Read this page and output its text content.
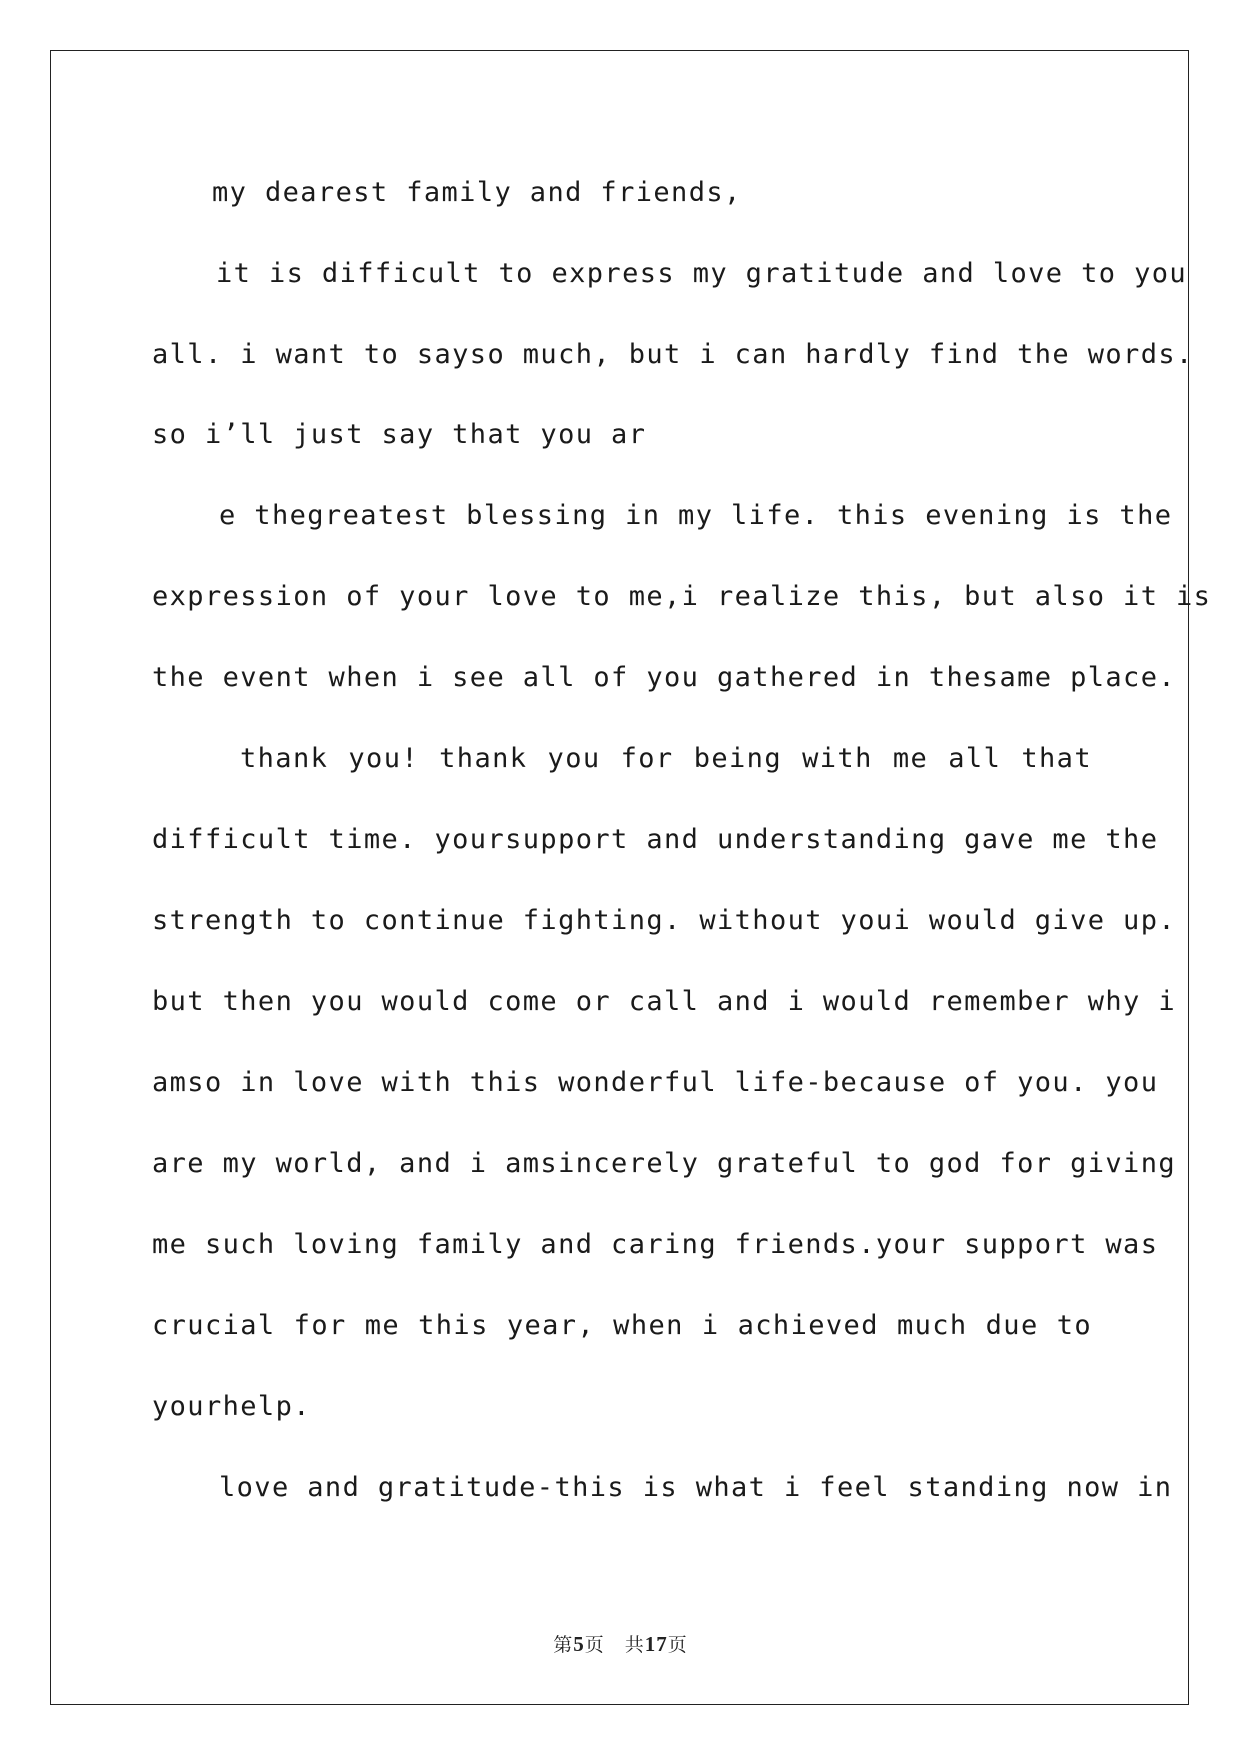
my dearest family and friends,
it is difficult to express my gratitude and love to you
all. i want to sayso much, but i can hardly find the words.
so i’ll just say that you ar
e thegreatest blessing in my life. this evening is the
expression of your love to me,i realize this, but also it is
the event when i see all of you gathered in thesame place.
thank you! thank you for being with me all that
difficult time. yoursupport and understanding gave me the
strength to continue fighting. without youi would give up.
but then you would come or call and i would remember why i
amso in love with this wonderful life-because of you. you
are my world, and i amsincerely grateful to god for giving
me such loving family and caring friends.your support was
crucial for me this year, when i achieved much due to
yourhelp.
love and gratitude-this is what i feel standing now in
第5页　共17页
